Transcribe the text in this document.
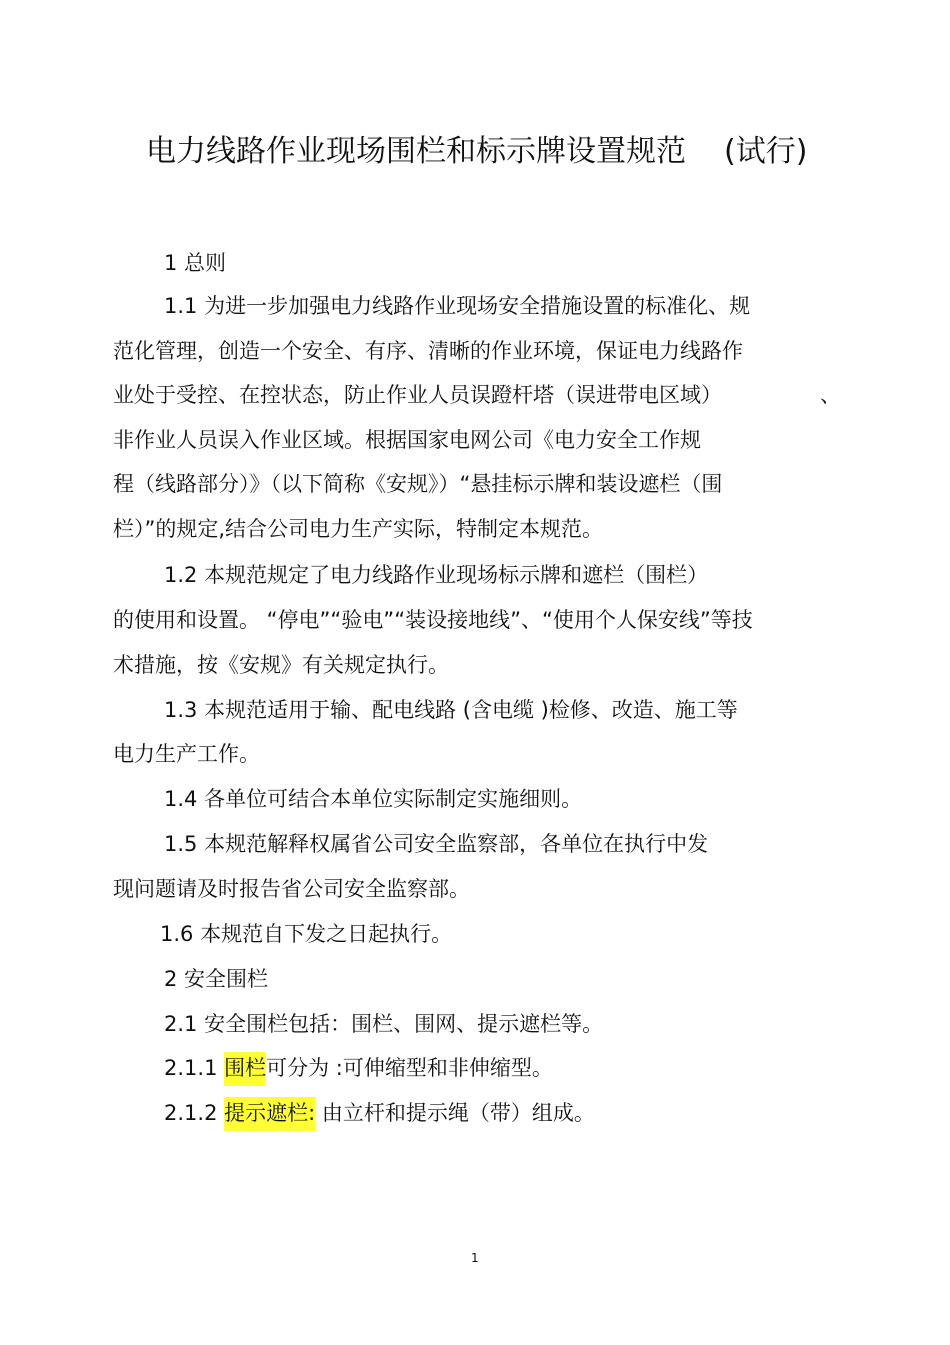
电力线路作业现场围栏和标示牌设置规范 (试行)
1 总则
1.1 为进一步加强电力线路作业现场安全措施设置的标准化、规
范化管理，创造一个安全、有序、清晰的作业环境，保证电力线路作
业处于受控、在控状态，防止作业人员误蹬杆塔（误进带电区域）	、
非作业人员误入作业区域。根据国家电网公司《电力安全工作规
程（线路部分）》（以下简称《安规》）“悬挂标示牌和装设遮栏（围
栏）”的规定,结合公司电力生产实际，特制定本规范。
1.2 本规范规定了电力线路作业现场标示牌和遮栏（围栏）
的使用和设置。 “停电”“验电”“装设接地线”、“使用个人保安线”等技
术措施，按《安规》有关规定执行。
1.3 本规范适用于输、配电线路 (含电缆 )检修、改造、施工等
电力生产工作。
1.4 各单位可结合本单位实际制定实施细则。
1.5 本规范解释权属省公司安全监察部，各单位在执行中发
现问题请及时报告省公司安全监察部。
1.6 本规范自下发之日起执行。
2 安全围栏
2.1 安全围栏包括：围栏、围网、提示遮栏等。
2.1.1 围栏可分为 :可伸缩型和非伸缩型。
2.1.2 提示遮栏: 由立杆和提示绳（带）组成。
1
